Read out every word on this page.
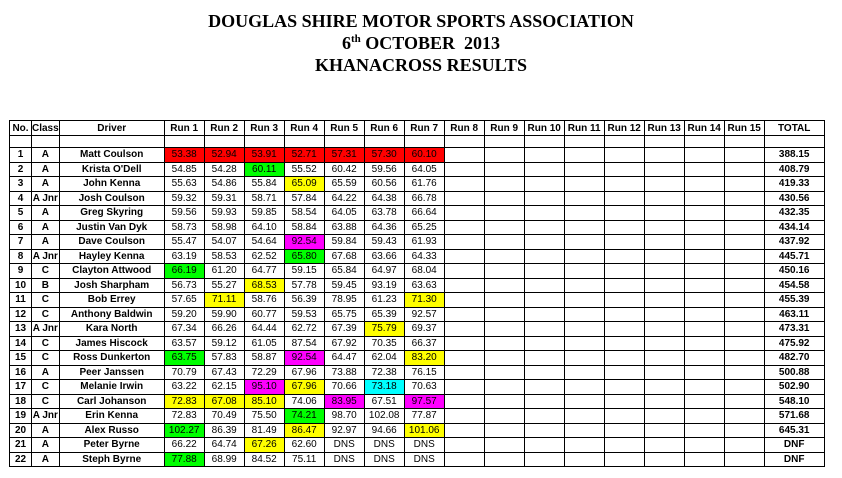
DOUGLAS SHIRE MOTOR SPORTS ASSOCIATION
6th OCTOBER  2013
KHANACROSS RESULTS
No.	Class	Driver	Run 1	Run 2	Run 3	Run 4	Run 5	Run 6	Run 7	Run 8	Run 9	Run 10	Run 11	Run 12	Run 13	Run 14	Run 15	TOTAL

1	A	Matt Coulson	53.38	52.94	53.91	52.71	57.31	57.30	60.10									388.15
2	A	Krista O'Dell	54.85	54.28	60.11	55.52	60.42	59.56	64.05									408.79
3	A	John Kenna	55.63	54.86	55.84	65.09	65.59	60.56	61.76									419.33
4	A Jnr	Josh Coulson	59.32	59.31	58.71	57.84	64.22	64.38	66.78									430.56
5	A	Greg Skyring	59.56	59.93	59.85	58.54	64.05	63.78	66.64									432.35
6	A	Justin Van Dyk	58.73	58.98	64.10	58.84	63.88	64.36	65.25									434.14
7	A	Dave Coulson	55.47	54.07	54.64	92.54	59.84	59.43	61.93									437.92
8	A Jnr	Hayley Kenna	63.19	58.53	62.52	65.80	67.68	63.66	64.33									445.71
9	C	Clayton Attwood	66.19	61.20	64.77	59.15	65.84	64.97	68.04									450.16
10	B	Josh Sharpham	56.73	55.27	68.53	57.78	59.45	93.19	63.63									454.58
11	C	Bob Errey	57.65	71.11	58.76	56.39	78.95	61.23	71.30									455.39
12	C	Anthony Baldwin	59.20	59.90	60.77	59.53	65.75	65.39	92.57									463.11
13	A Jnr	Kara North	67.34	66.26	64.44	62.72	67.39	75.79	69.37									473.31
14	C	James Hiscock	63.57	59.12	61.05	87.54	67.92	70.35	66.37									475.92
15	C	Ross Dunkerton	63.75	57.83	58.87	92.54	64.47	62.04	83.20									482.70
16	A	Peer Janssen	70.79	67.43	72.29	67.96	73.88	72.38	76.15									500.88
17	C	Melanie Irwin	63.22	62.15	95.10	67.96	70.66	73.18	70.63									502.90
18	C	Carl Johanson	72.83	67.08	85.10	74.06	83.95	67.51	97.57									548.10
19	A Jnr	Erin Kenna	72.83	70.49	75.50	74.21	98.70	102.08	77.87									571.68
20	A	Alex Russo	102.27	86.39	81.49	86.47	92.97	94.66	101.06									645.31
21	A	Peter Byrne	66.22	64.74	67.26	62.60	DNS	DNS	DNS									DNF
22	A	Steph Byrne	77.88	68.99	84.52	75.11	DNS	DNS	DNS									DNF
